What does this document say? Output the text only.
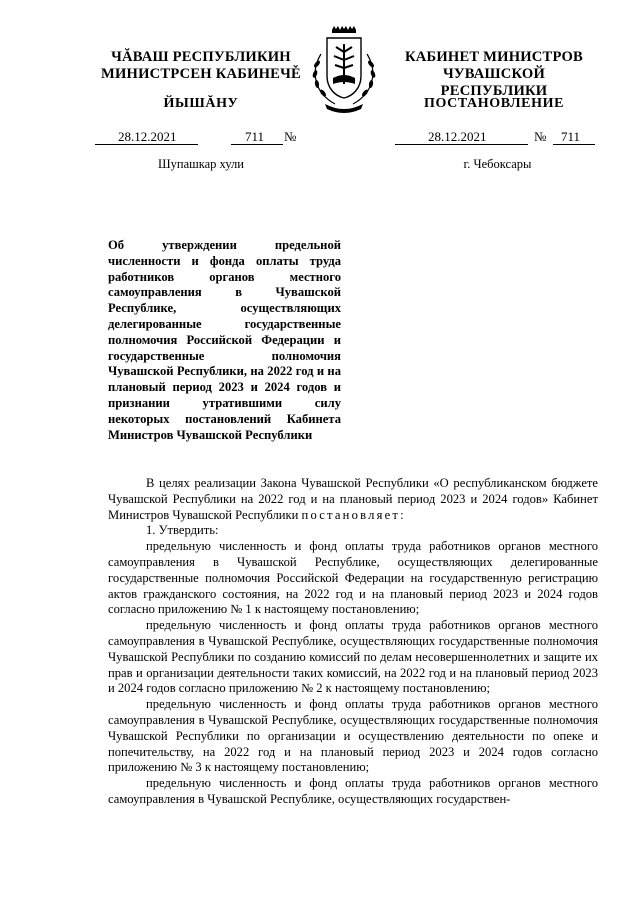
ЧĂВАШ РЕСПУБЛИКИН
МИНИСТРСЕН КАБИНЕЧĚ
КАБИНЕТ МИНИСТРОВ
ЧУВАШСКОЙ РЕСПУБЛИКИ
ЙЫШĂНУ	ПОСТАНОВЛЕНИЕ
28.12.2021	711 №	28.12.2021	№ 711
Шупашкар хули	г. Чебоксары
Об утверждении предельной численности и фонда оплаты труда работников органов местного самоуправления в Чувашской Республике, осуществляющих делегированные государственные полномочия Российской Федерации и государственные полномочия Чувашской Республики, на 2022 год и на плановый период 2023 и 2024 годов и признании утратившими силу некоторых постановлений Кабинета Министров Чувашской Республики

В целях реализации Закона Чувашской Республики «О республиканском бюджете Чувашской Республики на 2022 год и на плановый период 2023 и 2024 годов» Кабинет Министров Чувашской Республики постановляет:

1. Утвердить:

предельную численность и фонд оплаты труда работников органов местного самоуправления в Чувашской Республике, осуществляющих делегированные государственные полномочия Российской Федерации на государственную регистрацию актов гражданского состояния, на 2022 год и на плановый период 2023 и 2024 годов согласно приложению № 1 к настоящему постановлению;

предельную численность и фонд оплаты труда работников органов местного самоуправления в Чувашской Республике, осуществляющих государственные полномочия Чувашской Республики по созданию комиссий по делам несовершеннолетних и защите их прав и организации деятельности таких комиссий, на 2022 год и на плановый период 2023 и 2024 годов согласно приложению № 2 к настоящему постановлению;

предельную численность и фонд оплаты труда работников органов местного самоуправления в Чувашской Республике, осуществляющих государственные полномочия Чувашской Республики по организации и осуществлению деятельности по опеке и попечительству, на 2022 год и на плановый период 2023 и 2024 годов согласно приложению № 3 к настоящему постановлению;

предельную численность и фонд оплаты труда работников органов местного самоуправления в Чувашской Республике, осуществляющих государствен-
